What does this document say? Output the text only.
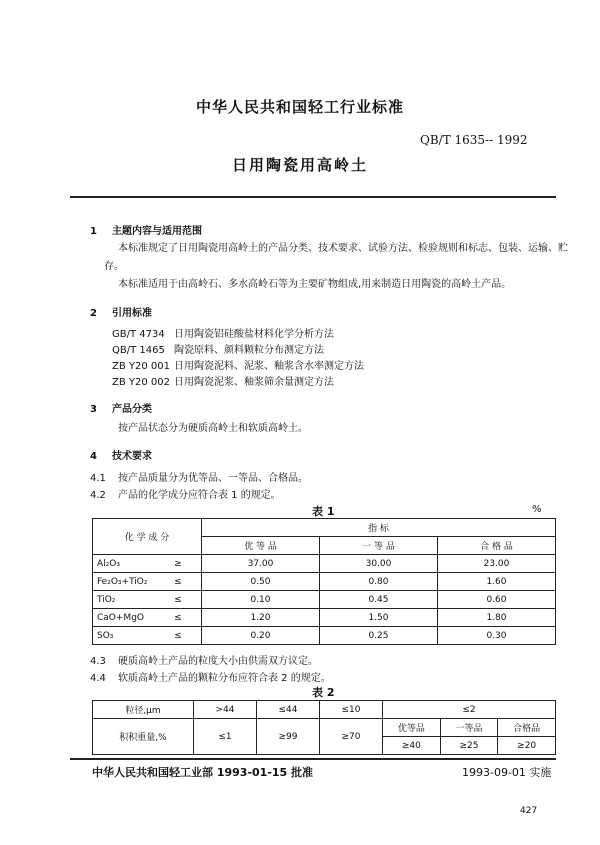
中华人民共和国轻工行业标准
QB/T 1635-- 1992
日用陶瓷用高岭土
1 主题内容与适用范围
本标准规定了日用陶瓷用高岭土的产品分类、技术要求、试验方法、检验规则和标志、包装、运输、贮
存。
本标准适用于由高岭石、多水高岭石等为主要矿物组成,用来制造日用陶瓷的高岭土产品。
2 引用标准
GB/T 4734 日用陶瓷铝硅酸盐材料化学分析方法
QB/T 1465 陶瓷原料、颜料颗粒分布测定方法
ZB Y20 001 日用陶瓷泥料、泥浆、釉浆含水率测定方法
ZB Y20 002 日用陶瓷泥浆、釉浆筛余量测定方法
3 产品分类
按产品状态分为硬质高岭土和软质高岭土。
4 技术要求
4.1 按产品质量分为优等品、一等品、合格品。
4.2 产品的化学成分应符合表 1 的规定。
表 1	%
化 学 成 分		指 标		
		优 等 品	一 等 品	合 格 品
Al₂O₃	≥	37.00	30.00	23.00
Fe₂O₃+TiO₂	≤	0.50	0.80	1.60
TiO₂	≤	0.10	0.45	0.60
CaO+MgO	≤	1.20	1.50	1.80
SO₃	≤	0.20	0.25	0.30
4.3 硬质高岭土产品的粒度大小由供需双方议定。
4.4 软质高岭土产品的颗粒分布应符合表 2 的规定。
表 2
粒径,μm	>44	≤44	≤10	≤2		
积积重量,%	≤1	≥99	≥70	优等品	一等品	合格品
				≥40	≥25	≥20
中华人民共和国轻工业部 1993-01-15 批准	1993-09-01 实施
427
